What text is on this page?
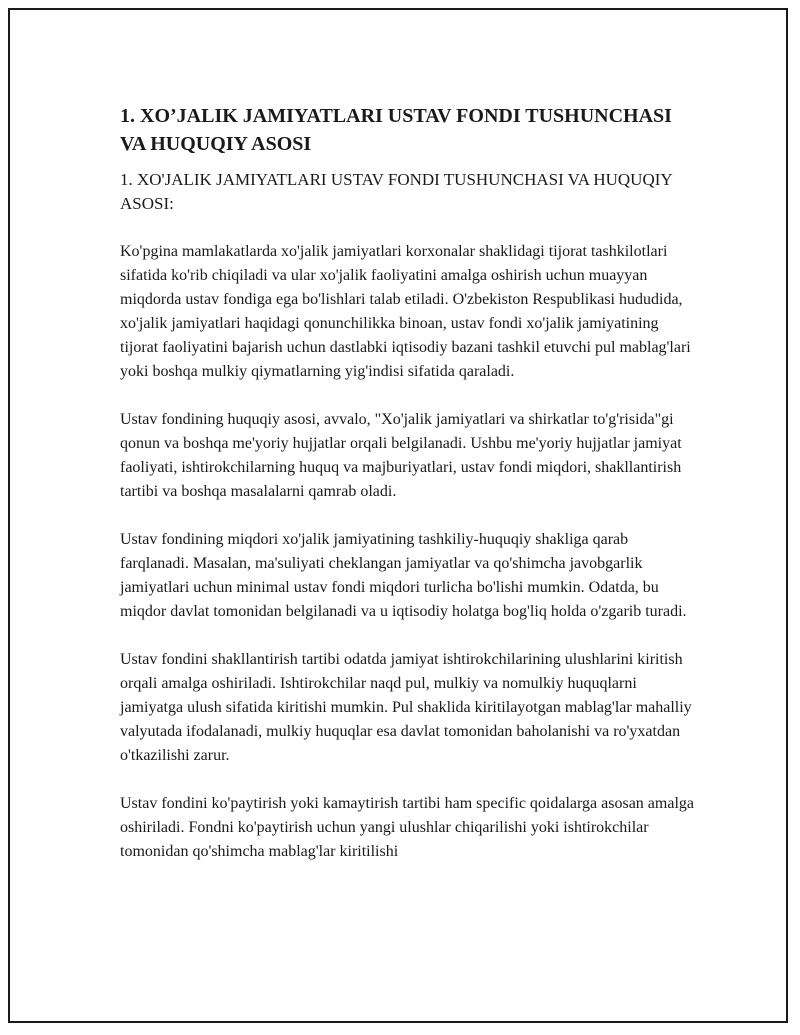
1. XO’JALIK JAMIYATLARI USTAV FONDI TUSHUNCHASI VA HUQUQIY ASOSI

1. XO'JALIK JAMIYATLARI USTAV FONDI TUSHUNCHASI VA HUQUQIY ASOSI:

Ko'pgina mamlakatlarda xo'jalik jamiyatlari korxonalar shaklidagi tijorat tashkilotlari sifatida ko'rib chiqiladi va ular xo'jalik faoliyatini amalga oshirish uchun muayyan miqdorda ustav fondiga ega bo'lishlari talab etiladi. O'zbekiston Respublikasi hududida, xo'jalik jamiyatlari haqidagi qonunchilikka binoan, ustav fondi xo'jalik jamiyatining tijorat faoliyatini bajarish uchun dastlabki iqtisodiy bazani tashkil etuvchi pul mablag'lari yoki boshqa mulkiy qiymatlarning yig'indisi sifatida qaraladi.

Ustav fondining huquqiy asosi, avvalo, "Xo'jalik jamiyatlari va shirkatlar to'g'risida"gi qonun va boshqa me'yoriy hujjatlar orqali belgilanadi. Ushbu me'yoriy hujjatlar jamiyat faoliyati, ishtirokchilarning huquq va majburiyatlari, ustav fondi miqdori, shakllantirish tartibi va boshqa masalalarni qamrab oladi.

Ustav fondining miqdori xo'jalik jamiyatining tashkiliy-huquqiy shakliga qarab farqlanadi. Masalan, ma'suliyati cheklangan jamiyatlar va qo'shimcha javobgarlik jamiyatlari uchun minimal ustav fondi miqdori turlicha bo'lishi mumkin. Odatda, bu miqdor davlat tomonidan belgilanadi va u iqtisodiy holatga bog'liq holda o'zgarib turadi.

Ustav fondini shakllantirish tartibi odatda jamiyat ishtirokchilarining ulushlarini kiritish orqali amalga oshiriladi. Ishtirokchilar naqd pul, mulkiy va nomulkiy huquqlarni jamiyatga ulush sifatida kiritishi mumkin. Pul shaklida kiritilayotgan mablag'lar mahalliy valyutada ifodalanadi, mulkiy huquqlar esa davlat tomonidan baholanishi va ro'yxatdan o'tkazilishi zarur.

Ustav fondini ko'paytirish yoki kamaytirish tartibi ham specific qoidalarga asosan amalga oshiriladi. Fondni ko'paytirish uchun yangi ulushlar chiqarilishi yoki ishtirokchilar tomonidan qo'shimcha mablag'lar kiritilishi
